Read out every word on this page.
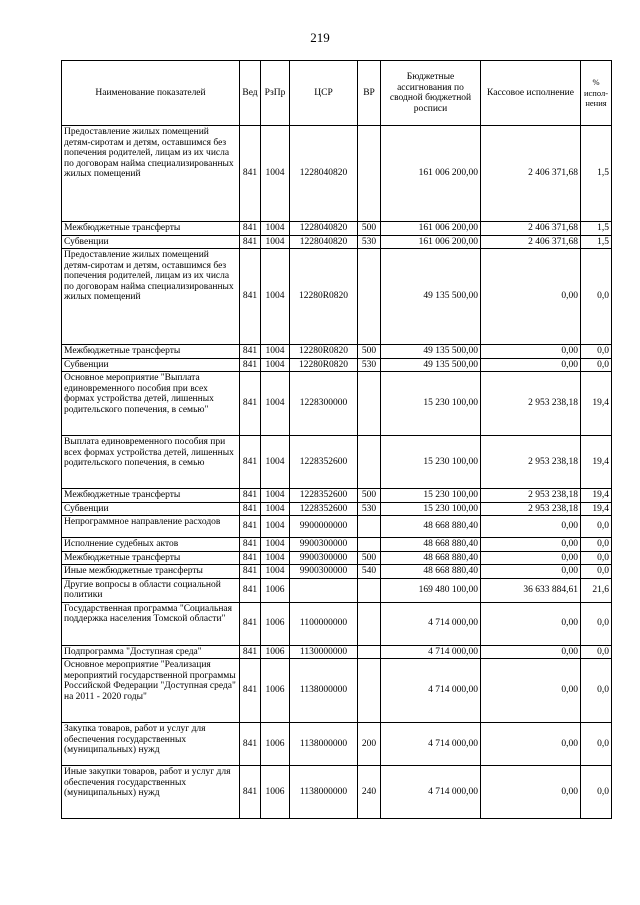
219
Наименование показателей	Вед	РзПр	ЦСР	ВР	Бюджетные ассигнования по сводной бюджетной росписи	Кассовое исполнение	% испол-нения
Предоставление жилых помещений детям-сиротам и детям, оставшимся без попечения родителей, лицам из их числа по договорам найма специализированных жилых помещений	841	1004	1228040820		161 006 200,00	2 406 371,68	1,5
Межбюджетные трансферты	841	1004	1228040820	500	161 006 200,00	2 406 371,68	1,5
Субвенции	841	1004	1228040820	530	161 006 200,00	2 406 371,68	1,5
Предоставление жилых помещений детям-сиротам и детям, оставшимся без попечения родителей, лицам из их числа по договорам найма специализированных жилых помещений	841	1004	12280R0820		49 135 500,00	0,00	0,0
Межбюджетные трансферты	841	1004	12280R0820	500	49 135 500,00	0,00	0,0
Субвенции	841	1004	12280R0820	530	49 135 500,00	0,00	0,0
Основное мероприятие "Выплата единовременного пособия при всех формах устройства детей, лишенных родительского попечения, в семью"	841	1004	1228300000		15 230 100,00	2 953 238,18	19,4
Выплата единовременного пособия при всех формах устройства детей, лишенных родительского попечения, в семью	841	1004	1228352600		15 230 100,00	2 953 238,18	19,4
Межбюджетные трансферты	841	1004	1228352600	500	15 230 100,00	2 953 238,18	19,4
Субвенции	841	1004	1228352600	530	15 230 100,00	2 953 238,18	19,4
Непрограммное направление расходов	841	1004	9900000000		48 668 880,40	0,00	0,0
Исполнение судебных актов	841	1004	9900300000		48 668 880,40	0,00	0,0
Межбюджетные трансферты	841	1004	9900300000	500	48 668 880,40	0,00	0,0
Иные межбюджетные трансферты	841	1004	9900300000	540	48 668 880,40	0,00	0,0
Другие вопросы в области социальной политики	841	1006			169 480 100,00	36 633 884,61	21,6
Государственная программа "Социальная поддержка населения Томской области"	841	1006	1100000000		4 714 000,00	0,00	0,0
Подпрограмма "Доступная среда"	841	1006	1130000000		4 714 000,00	0,00	0,0
Основное мероприятие "Реализация мероприятий государственной программы Российской Федерации "Доступная среда" на 2011 - 2020 годы"	841	1006	1138000000		4 714 000,00	0,00	0,0
Закупка товаров, работ и услуг для обеспечения государственных (муниципальных) нужд	841	1006	1138000000	200	4 714 000,00	0,00	0,0
Иные закупки товаров, работ и услуг для обеспечения государственных (муниципальных) нужд	841	1006	1138000000	240	4 714 000,00	0,00	0,0
